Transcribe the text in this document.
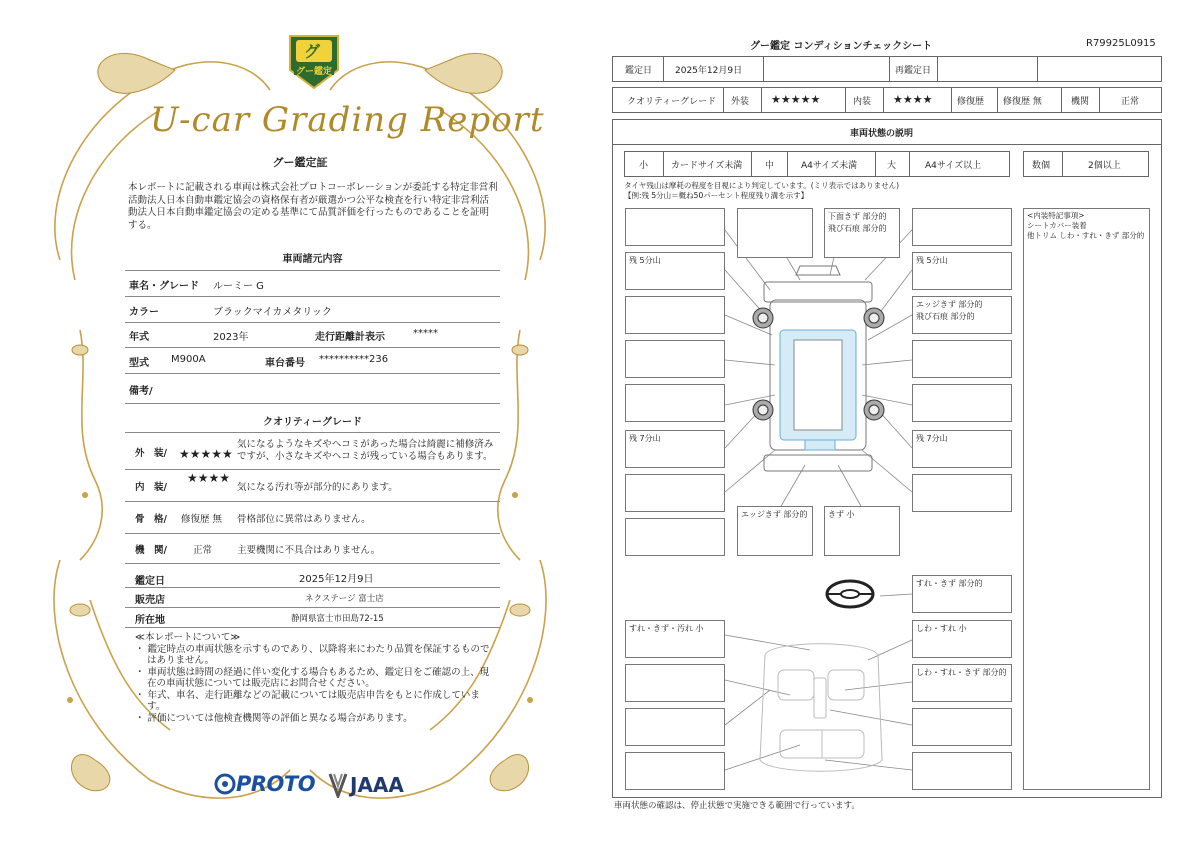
グ
グー鑑定
U-car Grading Report
グー鑑定証
本レポートに記載される車両は株式会社プロトコーポレーションが委託する特定非営利活動法人日本自動車鑑定協会の資格保有者が厳選かつ公平な検査を行い特定非営利活動法人日本自動車鑑定協会の定める基準にて品質評価を行ったものであることを証明する。
車両諸元内容
車名・グレード ルーミー G
カラー	ブラックマイカメタリック
年式	2023年	走行距離計表示	*****
型式 M900A	車台番号 **********236
備考/
クオリティーグレード
外　装/ ★★★★★
気になるようなキズやヘコミがあった場合は綺麗に補修済みですが、小さなキズやヘコミが残っている場合もあります。
内　装/
★★★★
気になる汚れ等が部分的にあります。
骨　格/ 修復歴 無 骨格部位に異常はありません。
機　関/	正常	主要機関に不具合はありません。
鑑定日	2025年12月9日
販売店	ネクステージ 富士店
所在地	静岡県富士市田島72-15
≪本レポートについて≫
・ 鑑定時点の車両状態を示すものであり、以降将来にわたり品質を保証するものではありません。
・ 車両状態は時間の経過に伴い変化する場合もあるため、鑑定日をご確認の上、現在の車両状態については販売店にお問合せください。
・ 年式、車名、走行距離などの記載については販売店申告をもとに作成しています。
・ 評価については他検査機関等の評価と異なる場合があります。
PROTO JAAA
グー鑑定 コンディションチェックシート	R79925L0915
鑑定日	2025年12月9日	再鑑定日
クオリティーグレード 外装 ★★★★★	内装 ★★★★	修復歴 修復歴 無	機関	正常
車両状態の説明
小	カードサイズ未満	中	A4サイズ未満	大	A4サイズ以上	数個	2個以上
タイヤ残山は摩耗の程度を目視により判定しています。(ミリ表示ではありません)
【例:残 5分山＝概ね50パーセント程度残り溝を示す】
残 5分山
残 7分山
すれ・きず・汚れ 小
下面きず 部分的
飛び石痕 部分的
エッジきず 部分的	きず 小
残 5分山
エッジきず 部分的
飛び石痕 部分的
残 7分山
すれ・きず 部分的
しわ・すれ 小
しわ・すれ・きず 部分的
<内装特記事項>
シートカバー装着
他トリム しわ・すれ・きず 部分的
車両状態の確認は、停止状態で実施できる範囲で行っています。
